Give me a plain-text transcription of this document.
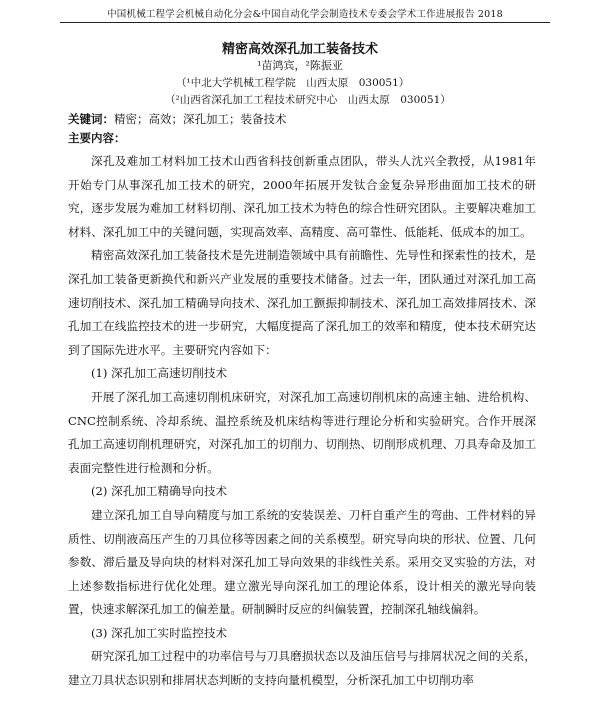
中国机械工程学会机械自动化分会&中国自动化学会制造技术专委会学术工作进展报告 2018
精密高效深孔加工装备技术
¹苗鸿宾，²陈振亚
（¹中北大学机械工程学院　山西太原　030051）
（²山西省深孔加工工程技术研究中心　山西太原　030051）
关键词：精密；高效；深孔加工；装备技术
主要内容：

深孔及难加工材料加工技术山西省科技创新重点团队，带头人沈兴全教授，从1981年开始专门从事深孔加工技术的研究，2000年拓展开发钛合金复杂异形曲面加工技术的研究，逐步发展为难加工材料切削、深孔加工技术为特色的综合性研究团队。主要解决难加工材料、深孔加工中的关键问题，实现高效率、高精度、高可靠性、低能耗、低成本的加工。

精密高效深孔加工装备技术是先进制造领域中具有前瞻性、先导性和探索性的技术，是深孔加工装备更新换代和新兴产业发展的重要技术储备。过去一年，团队通过对深孔加工高速切削技术、深孔加工精确导向技术、深孔加工颤振抑制技术、深孔加工高效排屑技术、深孔加工在线监控技术的进一步研究，大幅度提高了深孔加工的效率和精度，使本技术研究达到了国际先进水平。主要研究内容如下：

(1) 深孔加工高速切削技术

开展了深孔加工高速切削机床研究，对深孔加工高速切削机床的高速主轴、进给机构、CNC控制系统、冷却系统、温控系统及机床结构等进行理论分析和实验研究。合作开展深孔加工高速切削机理研究，对深孔加工的切削力、切削热、切削形成机理、刀具寿命及加工表面完整性进行检测和分析。

(2) 深孔加工精确导向技术

建立深孔加工自导向精度与加工系统的安装误差、刀杆自重产生的弯曲、工件材料的异质性、切削液高压产生的刀具位移等因素之间的关系模型。研究导向块的形状、位置、几何参数、滞后量及导向块的材料对深孔加工导向效果的非线性关系。采用交叉实验的方法，对上述参数指标进行优化处理。建立激光导向深孔加工的理论体系，设计相关的激光导向装置，快速求解深孔加工的偏差量。研制瞬时反应的纠偏装置，控制深孔轴线偏斜。

(3) 深孔加工实时监控技术

研究深孔加工过程中的功率信号与刀具磨损状态以及油压信号与排屑状况之间的关系，建立刀具状态识别和排屑状态判断的支持向量机模型，分析深孔加工中切削功率
